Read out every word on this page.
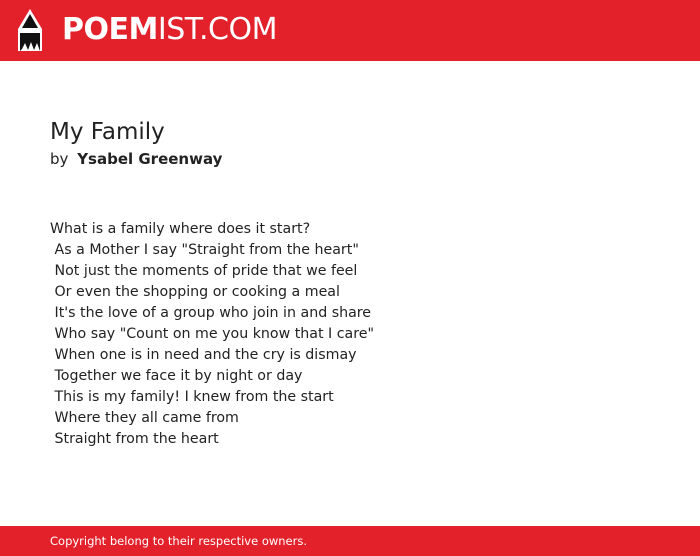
POEMIST.COM
My Family
by Ysabel Greenway
What is a family where does it start?
As a Mother I say "Straight from the heart"
Not just the moments of pride that we feel
Or even the shopping or cooking a meal
It's the love of a group who join in and share
Who say "Count on me you know that I care"
When one is in need and the cry is dismay
Together we face it by night or day
This is my family! I knew from the start
Where they all came from
Straight from the heart
Copyright belong to their respective owners.
